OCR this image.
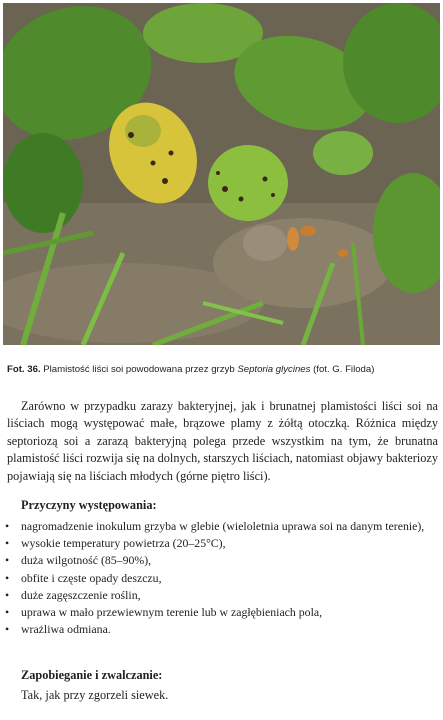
Fot. 36. Plamistość liści soi powodowana przez grzyb Septoria glycines (fot. G. Filoda)

Zarówno w przypadku zarazy bakteryjnej, jak i brunatnej plamistości liści soi na liściach mogą występować małe, brązowe plamy z żółtą otoczką. Różnica między septoriozą soi a zarazą bakteryjną polega przede wszystkim na tym, że brunatna plamistość liści rozwija się na dolnych, starszych liściach, natomiast objawy bakteriozy pojawiają się na liściach młodych (górne piętro liści).

Przyczyny występowania:

• nagromadzenie inokulum grzyba w glebie (wieloletnia uprawa soi na danym terenie),
• wysokie temperatury powietrza (20–25°C),
• duża wilgotność (85–90%),
• obfite i częste opady deszczu,
• duże zagęszczenie roślin,
• uprawa w mało przewiewnym terenie lub w zagłębieniach pola,
• wrażliwa odmiana.

Zapobieganie i zwalczanie:

Tak, jak przy zgorzeli siewek.
